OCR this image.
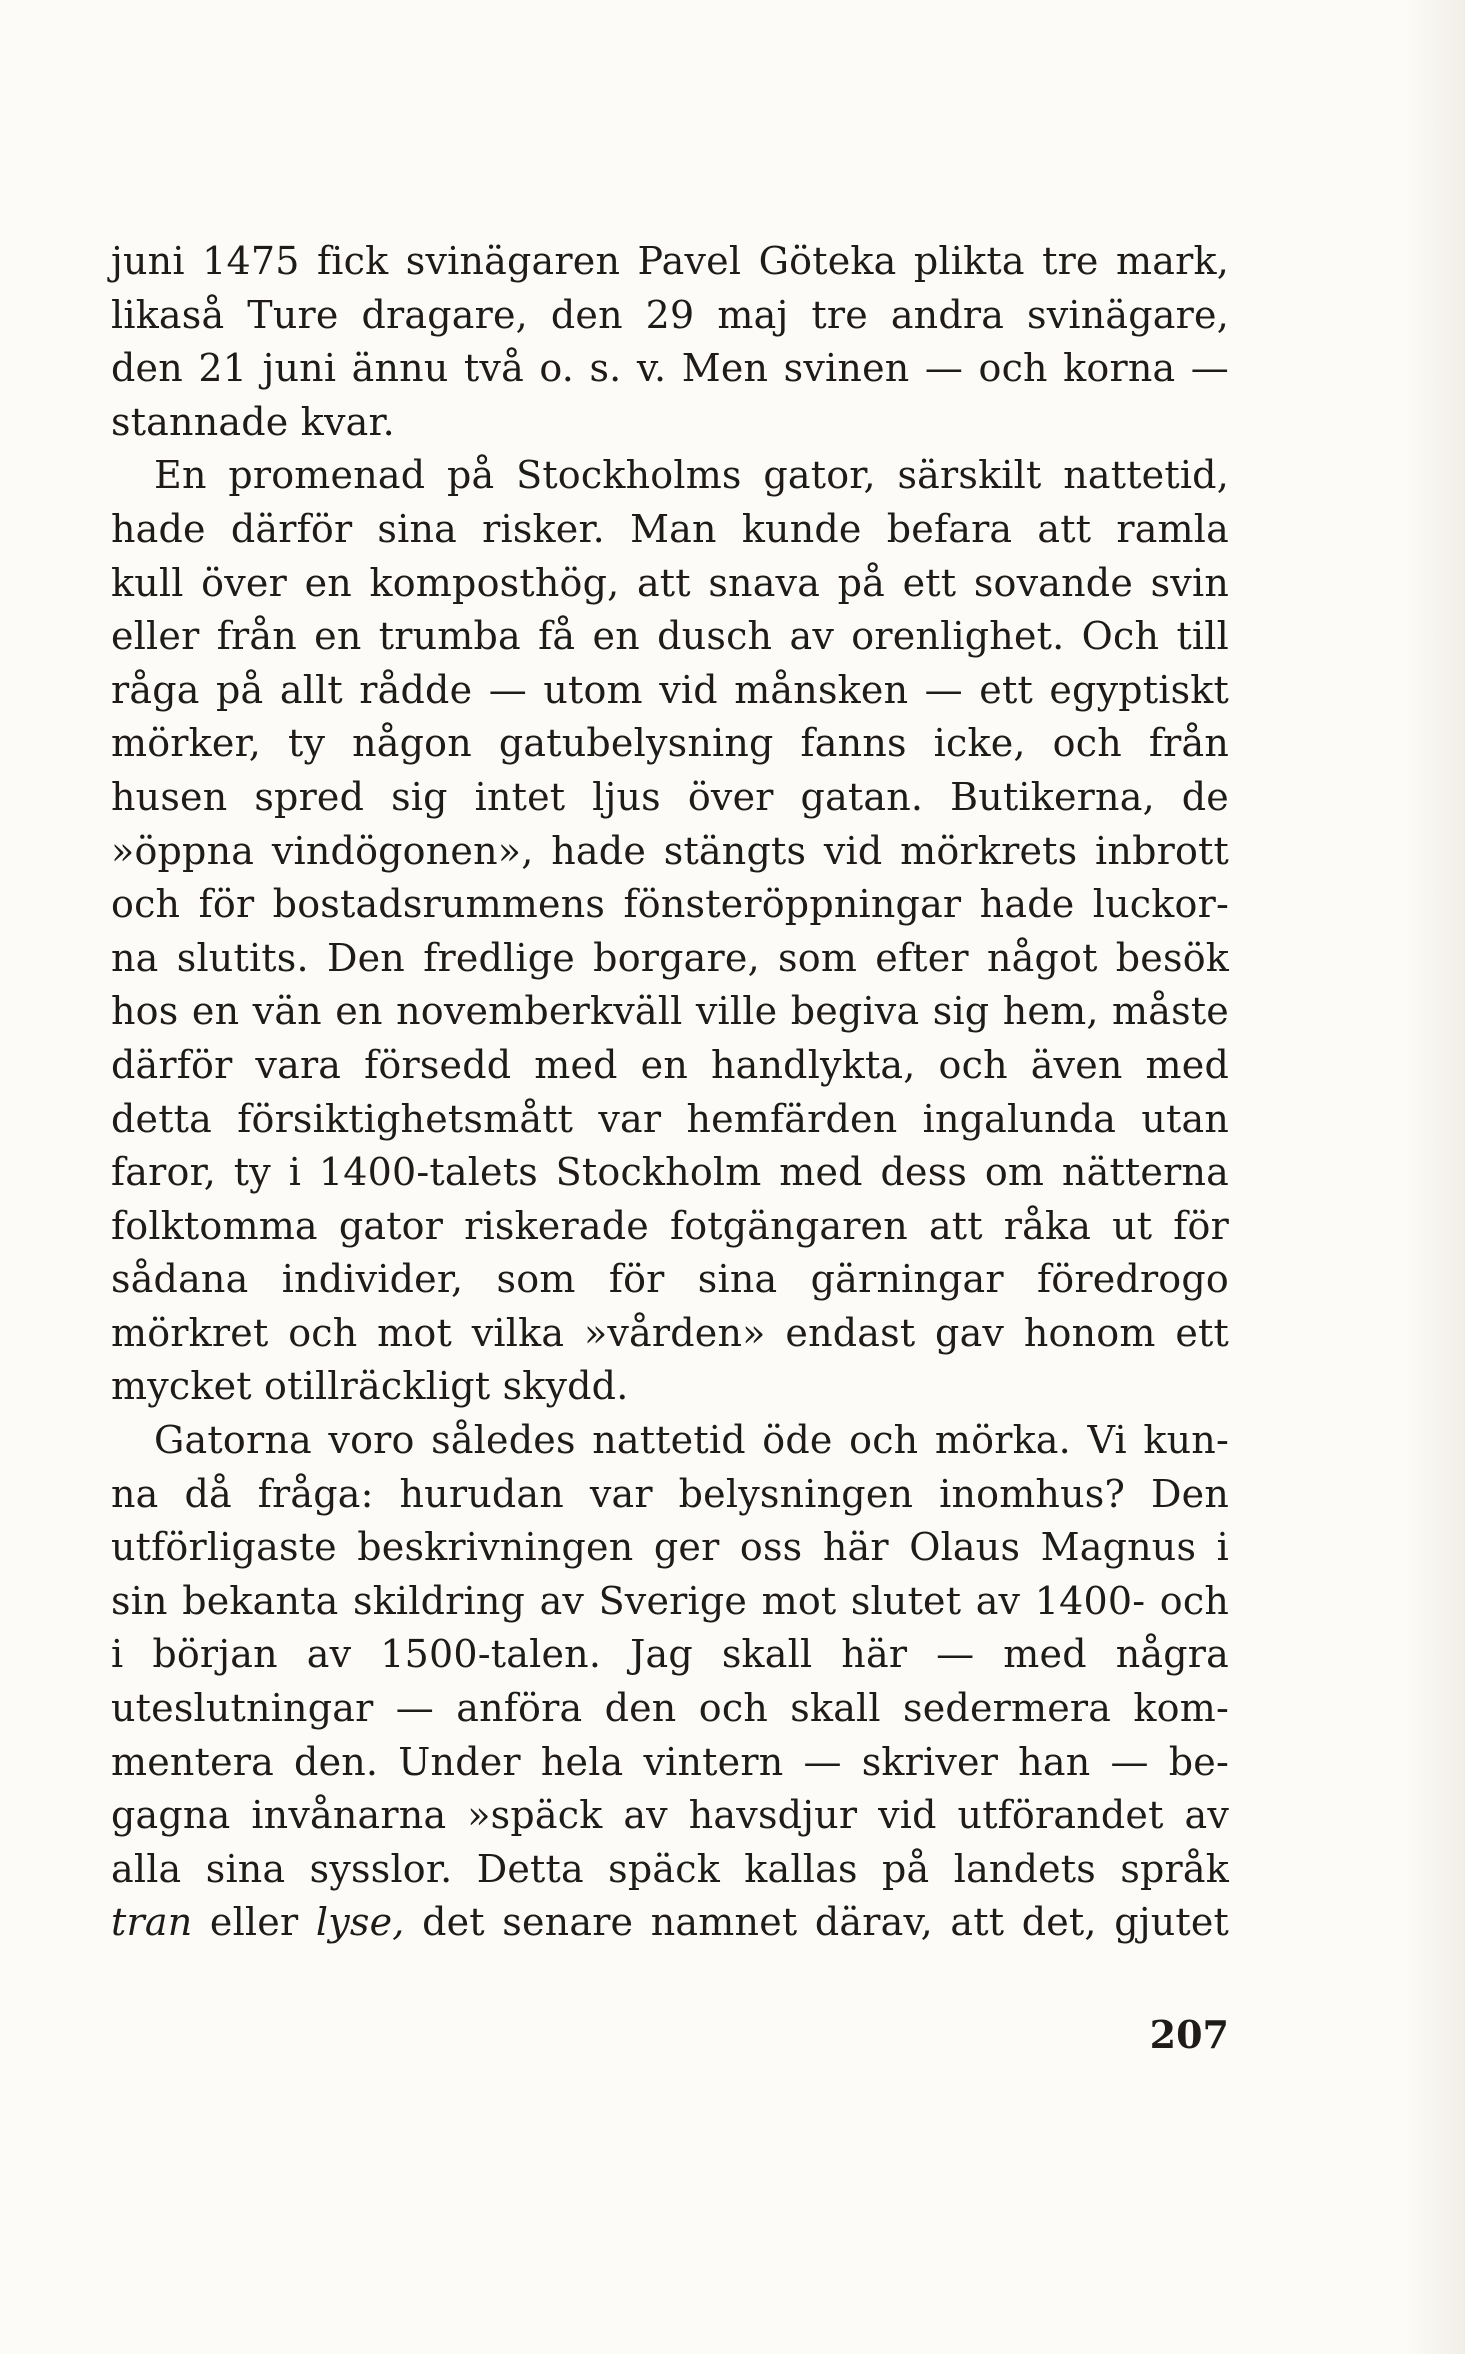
juni 1475 fick svinägaren Pavel Göteka plikta tre mark,
likaså Ture dragare, den 29 maj tre andra svinägare,
den 21 juni ännu två o. s. v. Men svinen — och korna —
stannade kvar.
En promenad på Stockholms gator, särskilt nattetid,
hade därför sina risker. Man kunde befara att ramla
kull över en komposthög, att snava på ett sovande svin
eller från en trumba få en dusch av orenlighet. Och till
råga på allt rådde — utom vid månsken — ett egyptiskt
mörker, ty någon gatubelysning fanns icke, och från
husen spred sig intet ljus över gatan. Butikerna, de
»öppna vindögonen», hade stängts vid mörkrets inbrott
och för bostadsrummens fönsteröppningar hade luckor-
na slutits. Den fredlige borgare, som efter något besök
hos en vän en novemberkväll ville begiva sig hem, måste
därför vara försedd med en handlykta, och även med
detta försiktighetsmått var hemfärden ingalunda utan
faror, ty i 1400-talets Stockholm med dess om nätterna
folktomma gator riskerade fotgängaren att råka ut för
sådana individer, som för sina gärningar föredrogo
mörkret och mot vilka »vården» endast gav honom ett
mycket otillräckligt skydd.
Gatorna voro således nattetid öde och mörka. Vi kun-
na då fråga: hurudan var belysningen inomhus? Den
utförligaste beskrivningen ger oss här Olaus Magnus i
sin bekanta skildring av Sverige mot slutet av 1400- och
i början av 1500-talen. Jag skall här — med några
uteslutningar — anföra den och skall sedermera kom-
mentera den. Under hela vintern — skriver han — be-
gagna invånarna »späck av havsdjur vid utförandet av
alla sina sysslor. Detta späck kallas på landets språk
tran eller lyse, det senare namnet därav, att det, gjutet
207
